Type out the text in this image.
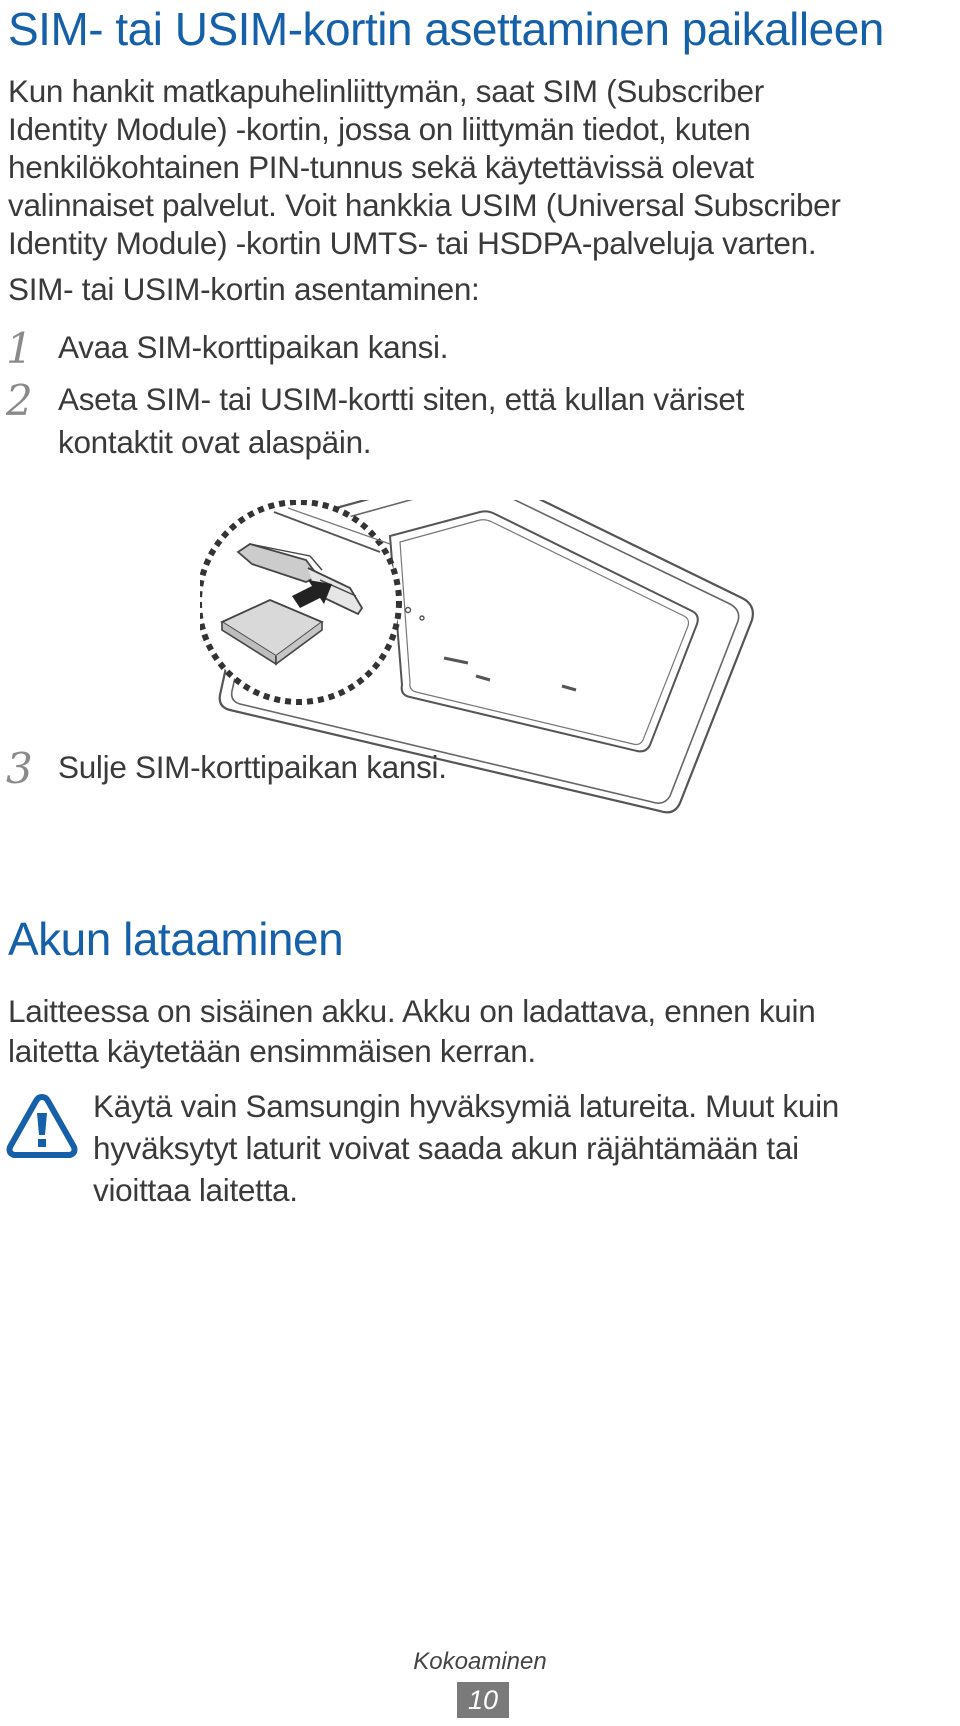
SIM- tai USIM-kortin asettaminen paikalleen

Kun hankit matkapuhelinliittymän, saat SIM (Subscriber

Identity Module) -kortin, jossa on liittymän tiedot, kuten

henkilökohtainen PIN-tunnus sekä käytettävissä olevat

valinnaiset palvelut. Voit hankkia USIM (Universal Subscriber

Identity Module) -kortin UMTS- tai HSDPA-palveluja varten.

SIM- tai USIM-kortin asentaminen:

1 Avaa SIM-korttipaikan kansi.

2 Aseta SIM- tai USIM-kortti siten, että kullan väriset kontaktit ovat alaspäin.

3 Sulje SIM-korttipaikan kansi.

Akun lataaminen

Laitteessa on sisäinen akku. Akku on ladattava, ennen kuin

laitetta käytetään ensimmäisen kerran.

Käytä vain Samsungin hyväksymiä latureita. Muut kuin
hyväksytyt laturit voivat saada akun räjähtämään tai
vioittaa laitetta.
Kokoaminen
10
